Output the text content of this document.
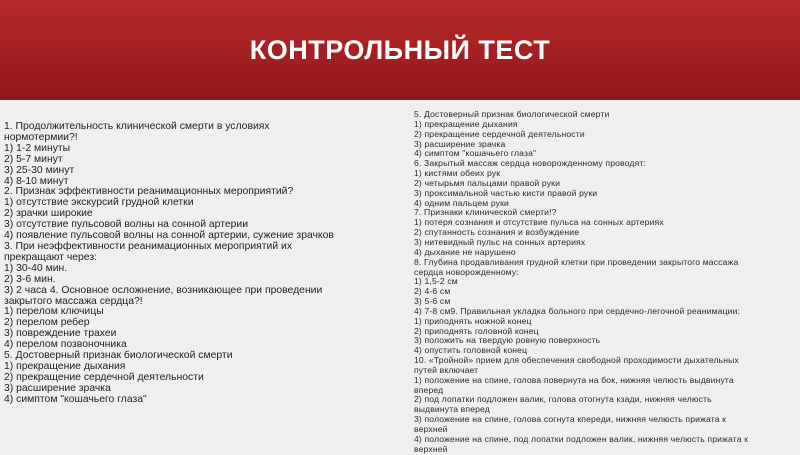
КОНТРОЛЬНЫЙ ТЕСТ
1. Продолжительность клинической смерти в условиях
нормотермии?!
1) 1-2 минуты
2) 5-7 минут
3) 25-30 минут
4) 8-10 минут
2. Признак эффективности реанимационных мероприятий?
1) отсутствие экскурсий грудной клетки
2) зрачки широкие
3) отсутствие пульсовой волны на сонной артерии
4) появление пульсовой волны на сонной артерии, сужение зрачков
3. При неэффективности реанимационных мероприятий их
прекращают через:
1) 30-40 мин.
2) 3-6 мин.
3) 2 часа 4. Основное осложнение, возникающее при проведении
закрытого массажа сердца?!
1) перелом ключицы
2) перелом ребер
3) повреждение трахеи
4) перелом позвоночника
5. Достоверный признак биологической смерти
1) прекращение дыхания
2) прекращение сердечной деятельности
3) расширение зрачка
4) симптом "кошачьего глаза"
5. Достоверный признак биологической смерти
1) прекращение дыхания
2) прекращение сердечной деятельности
3) расширение зрачка
4) симптом "кошачьего глаза"
6. Закрытый массаж сердца новорожденному проводят:
1) кистями обеих рук
2) четырьмя пальцами правой руки
3) проксимальной частью кисти правой руки
4) одним пальцем руки
7. Признаки клинической смерти!?
1) потеря сознания и отсутствие пульса на сонных артериях
2) спутанность сознания и возбуждение
3) нитевидный пульс на сонных артериях
4) дыхание не нарушено
8. Глубина продавливания грудной клетки при проведении закрытого массажа
сердца новорожденному:
1) 1,5-2 см
2) 4-6 см
3) 5-6 см
4) 7-8 см9. Правильная укладка больного при сердечно-легочной реанимации:
1) приподнять ножной конец
2) приподнять головной конец
3) положить на твердую ровную поверхность
4) опустить головной конец
10. «Тройной» прием для обеспечения свободной проходимости дыхательных
путей включает
1) положение на спине, голова повернута на бок, нижняя челюсть выдвинута
вперед
2) под лопатки подложен валик, голова отогнута кзади, нижняя челюсть
выдвинута вперед
3) положение на спине, голова согнута кпереди, нижняя челюсть прижата к
верхней
4) положение на спине, под лопатки подложен валик, нижняя челюсть прижата к
верхней
